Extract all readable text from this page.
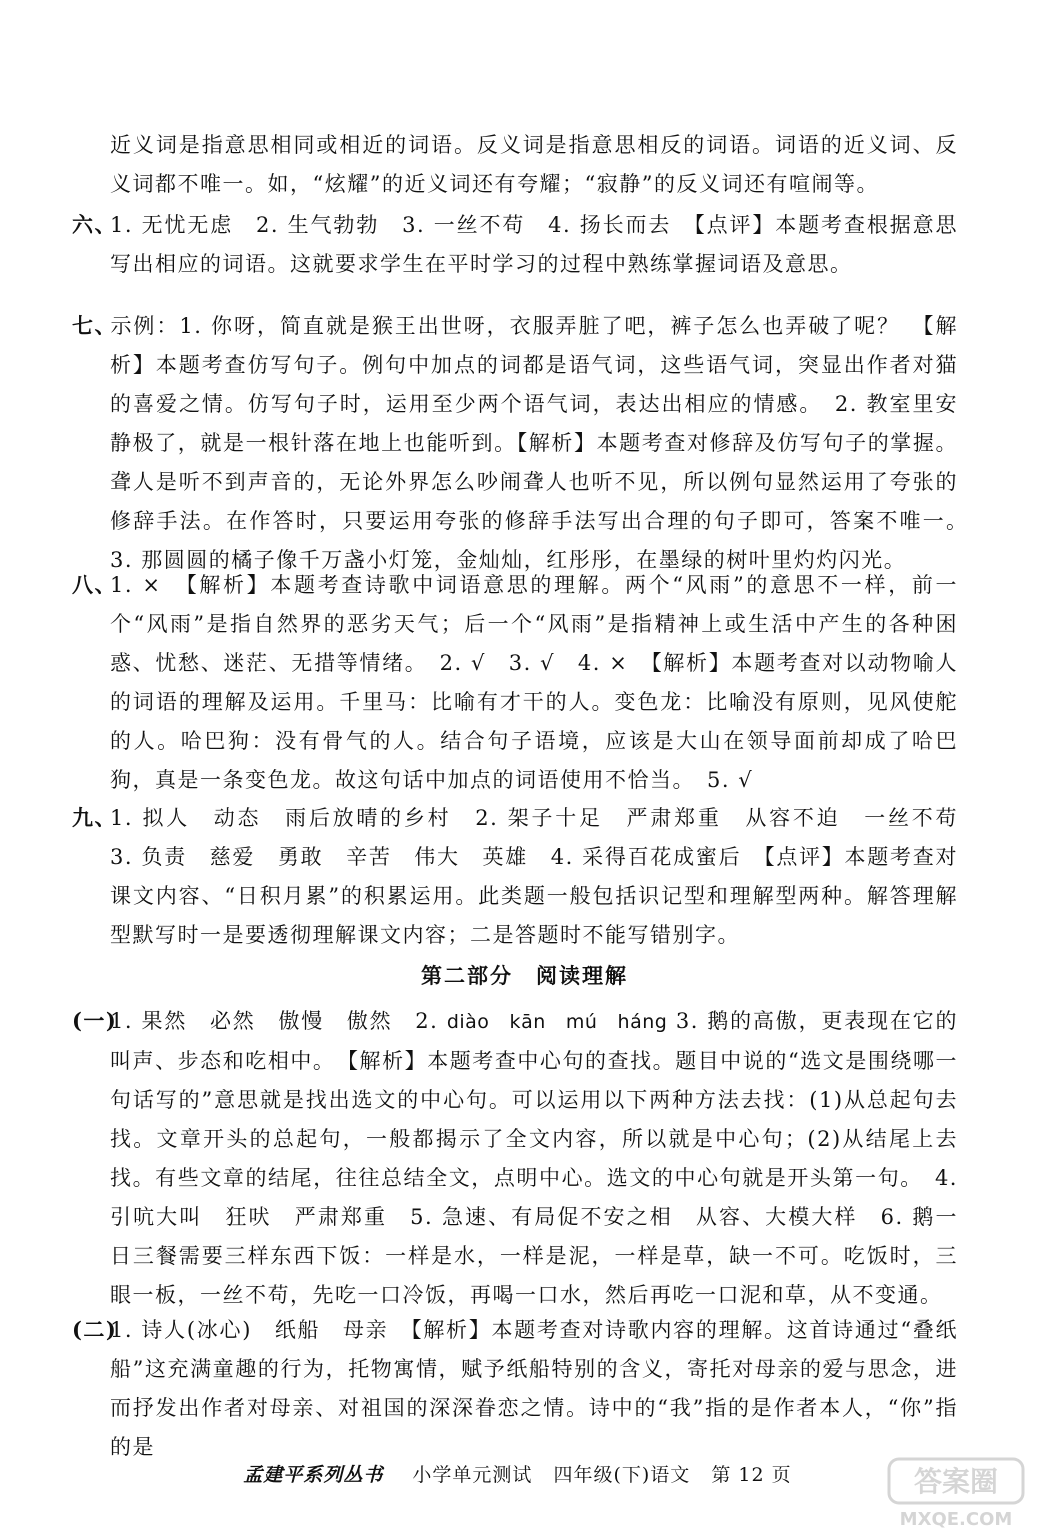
近义词是指意思相同或相近的词语。反义词是指意思相反的词语。词语的近义词、反义词都不唯一。如，“炫耀”的近义词还有夸耀；“寂静”的反义词还有喧闹等。
六、1. 无忧无虑　2. 生气勃勃　3. 一丝不苟　4. 扬长而去　【点评】本题考查根据意思写出相应的词语。这就要求学生在平时学习的过程中熟练掌握词语及意思。
七、示例：1. 你呀，简直就是猴王出世呀，衣服弄脏了吧，裤子怎么也弄破了呢？　【解析】本题考查仿写句子。例句中加点的词都是语气词，这些语气词，突显出作者对猫的喜爱之情。仿写句子时，运用至少两个语气词，表达出相应的情感。　2. 教室里安静极了，就是一根针落在地上也能听到。【解析】本题考查对修辞及仿写句子的掌握。聋人是听不到声音的，无论外界怎么吵闹聋人也听不见，所以例句显然运用了夸张的修辞手法。在作答时，只要运用夸张的修辞手法写出合理的句子即可，答案不唯一。　3. 那圆圆的橘子像千万盏小灯笼，金灿灿，红彤彤，在墨绿的树叶里灼灼闪光。
八、1. ×　【解析】本题考查诗歌中词语意思的理解。两个“风雨”的意思不一样，前一个“风雨”是指自然界的恶劣天气；后一个“风雨”是指精神上或生活中产生的各种困惑、忧愁、迷茫、无措等情绪。　2. √　3. √　4. ×　【解析】本题考查对以动物喻人的词语的理解及运用。千里马：比喻有才干的人。变色龙：比喻没有原则，见风使舵的人。哈巴狗：没有骨气的人。结合句子语境，应该是大山在领导面前却成了哈巴狗，真是一条变色龙。故这句话中加点的词语使用不恰当。　5. √
九、1. 拟人　动态　雨后放晴的乡村　2. 架子十足　严肃郑重　从容不迫　一丝不苟　3. 负责　慈爱　勇敢　辛苦　伟大　英雄　4. 采得百花成蜜后　【点评】本题考查对课文内容、“日积月累”的积累运用。此类题一般包括识记型和理解型两种。解答理解型默写时一是要透彻理解课文内容；二是答题时不能写错别字。
第二部分　阅读理解
(一)1. 果然　必然　傲慢　傲然　2. diào　kān　mú　háng 3. 鹅的高傲，更表现在它的叫声、步态和吃相中。　【解析】本题考查中心句的查找。题目中说的“选文是围绕哪一句话写的”意思就是找出选文的中心句。可以运用以下两种方法去找：(1)从总起句去找。文章开头的总起句，一般都揭示了全文内容，所以就是中心句；(2)从结尾上去找。有些文章的结尾，往往总结全文，点明中心。选文的中心句就是开头第一句。　4. 引吭大叫　狂吠　严肃郑重　5. 急速、有局促不安之相　从容、大模大样　6. 鹅一日三餐需要三样东西下饭：一样是水，一样是泥，一样是草，缺一不可。吃饭时，三眼一板，一丝不苟，先吃一口冷饭，再喝一口水，然后再吃一口泥和草，从不变通。
(二)1. 诗人(冰心)　纸船　母亲　【解析】本题考查对诗歌内容的理解。这首诗通过“叠纸船”这充满童趣的行为，托物寓情，赋予纸船特别的含义，寄托对母亲的爱与思念，进而抒发出作者对母亲、对祖国的深深眷恋之情。诗中的“我”指的是作者本人，“你”指的是
孟建平系列丛书 小学单元测试 四年级(下)语文 第 12 页	答案圈
MXQE.COM
